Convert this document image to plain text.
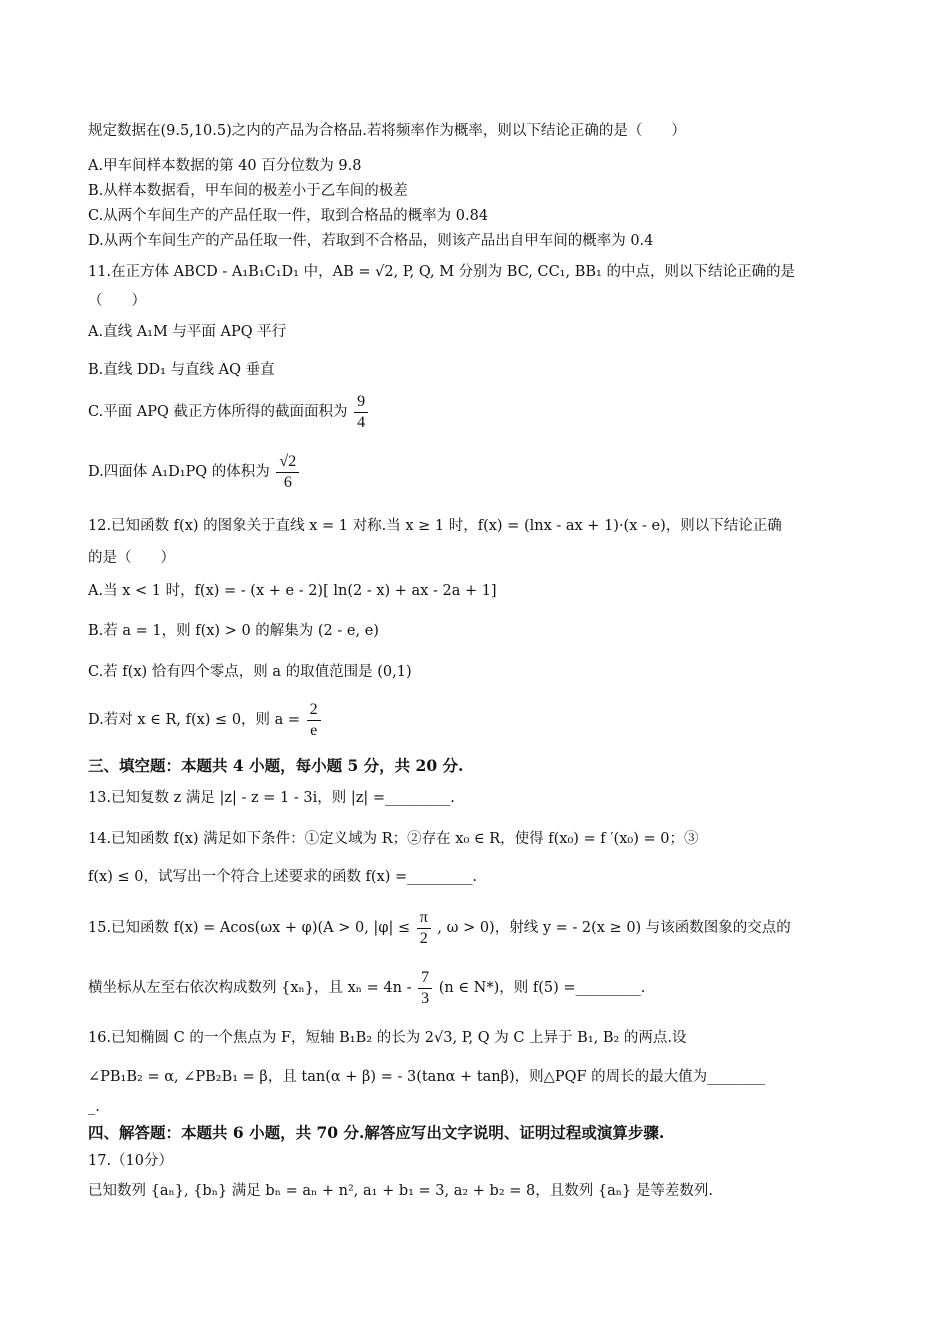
规定数据在(9.5,10.5)之内的产品为合格品.若将频率作为概率，则以下结论正确的是（　　）
A.甲车间样本数据的第 40 百分位数为 9.8
B.从样本数据看，甲车间的极差小于乙车间的极差
C.从两个车间生产的产品任取一件，取到合格品的概率为 0.84
D.从两个车间生产的产品任取一件，若取到不合格品，则该产品出自甲车间的概率为 0.4
11.在正方体 ABCD - A₁B₁C₁D₁ 中，AB = √2, P, Q, M 分别为 BC, CC₁, BB₁ 的中点，则以下结论正确的是
（　　）
A.直线 A₁M 与平面 APQ 平行
B.直线 DD₁ 与直线 AQ 垂直
C.平面 APQ 截正方体所得的截面面积为 $\frac{9}{4}$
D.四面体 A₁D₁PQ 的体积为 $\frac{√2}{6}$
12.已知函数 f(x) 的图象关于直线 x = 1 对称.当 x ≥ 1 时，f(x) = (lnx - ax + 1)·(x - e)，则以下结论正确
的是（　　）
A.当 x < 1 时，f(x) = - (x + e - 2)[ ln(2 - x) + ax - 2a + 1]
B.若 a = 1，则 f(x) > 0 的解集为 (2 - e, e)
C.若 f(x) 恰有四个零点，则 a 的取值范围是 (0,1)
D.若对 x ∈ R, f(x) ≤ 0，则 $a = \frac{2}{e}$
三、填空题：本题共 4 小题，每小题 5 分，共 20 分.
13.已知复数 z 满足 |z| - z = 1 - 3i，则 |z| =_________.
14.已知函数 f(x) 满足如下条件：①定义域为 R；②存在 x₀ ∈ R，使得 f(x₀) = f ′(x₀) = 0；③
f(x) ≤ 0，试写出一个符合上述要求的函数 f(x) =_________.
15.已知函数 f(x) = Acos(ωx + φ)(A > 0, $|\varphi| \le \frac{\pi}{2}$ , ω > 0)，射线 y = - 2(x ≥ 0) 与该函数图象的交点的
横坐标从左至右依次构成数列 {xₙ}，且 $x_n = 4n - \frac{7}{3} (n$ ∈ N*)，则 f(5) =_________.
16.已知椭圆 C 的一个焦点为 F，短轴 B₁B₂ 的长为 2√3, P, Q 为 C 上异于 B₁, B₂ 的两点.设
∠PB₁B₂ = α, ∠PB₂B₁ = β，且 tan(α + β) = - 3(tanα + tanβ)，则△PQF 的周长的最大值为________
_.
四、解答题：本题共 6 小题，共 70 分.解答应写出文字说明、证明过程或演算步骤.
17.（10分）
已知数列 {aₙ}, {bₙ} 满足 bₙ = aₙ + n², a₁ + b₁ = 3, a₂ + b₂ = 8，且数列 {aₙ} 是等差数列.
